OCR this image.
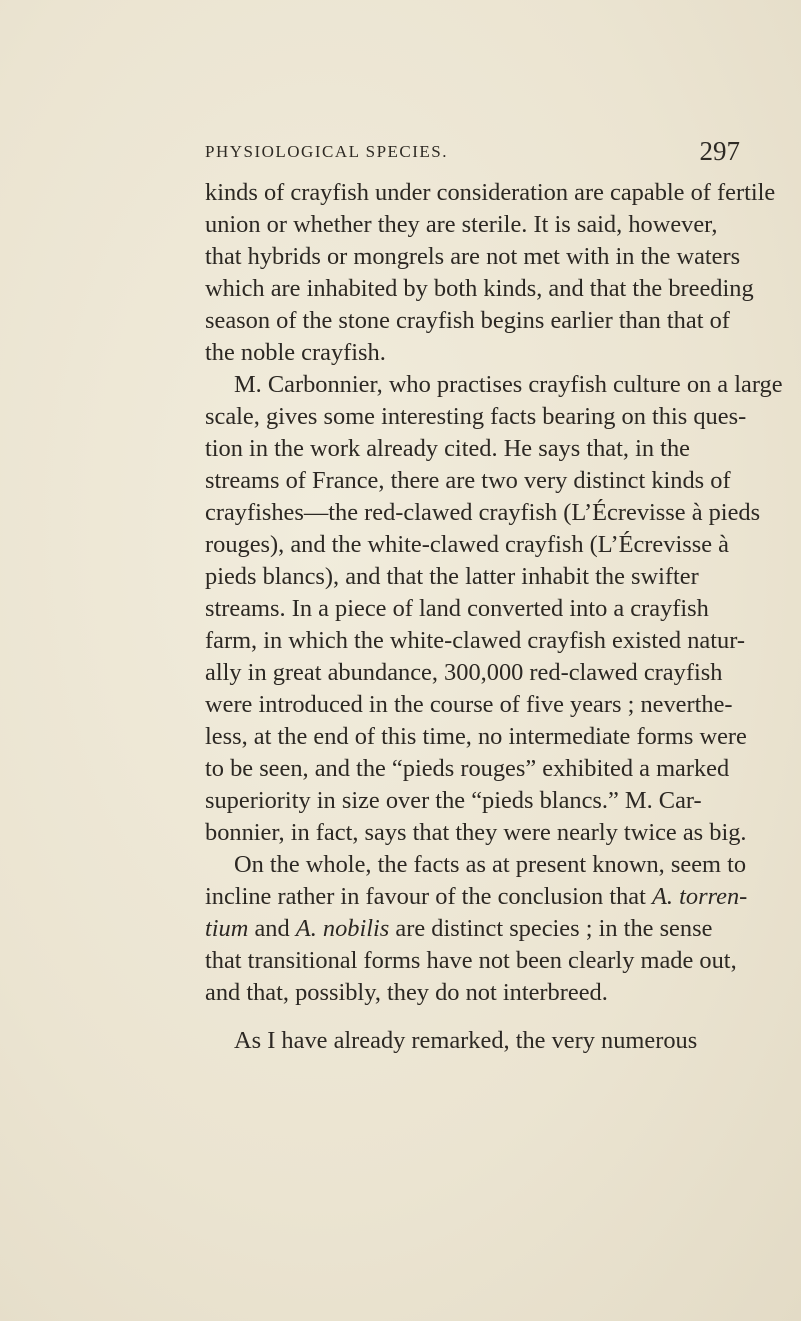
PHYSIOLOGICAL SPECIES.	297
kinds of crayfish under consideration are capable of fertile
union or whether they are sterile. It is said, however,
that hybrids or mongrels are not met with in the waters
which are inhabited by both kinds, and that the breeding
season of the stone crayfish begins earlier than that of
the noble crayfish.
M. Carbonnier, who practises crayfish culture on a large
scale, gives some interesting facts bearing on this ques-
tion in the work already cited. He says that, in the
streams of France, there are two very distinct kinds of
crayfishes—the red-clawed crayfish (L’Écrevisse à pieds
rouges), and the white-clawed crayfish (L’Écrevisse à
pieds blancs), and that the latter inhabit the swifter
streams. In a piece of land converted into a crayfish
farm, in which the white-clawed crayfish existed natur-
ally in great abundance, 300,000 red-clawed crayfish
were introduced in the course of five years ; neverthe-
less, at the end of this time, no intermediate forms were
to be seen, and the “pieds rouges” exhibited a marked
superiority in size over the “pieds blancs.” M. Car-
bonnier, in fact, says that they were nearly twice as big.
On the whole, the facts as at present known, seem to
incline rather in favour of the conclusion that A. torren-
tium and A. nobilis are distinct species ; in the sense
that transitional forms have not been clearly made out,
and that, possibly, they do not interbreed.
As I have already remarked, the very numerous
